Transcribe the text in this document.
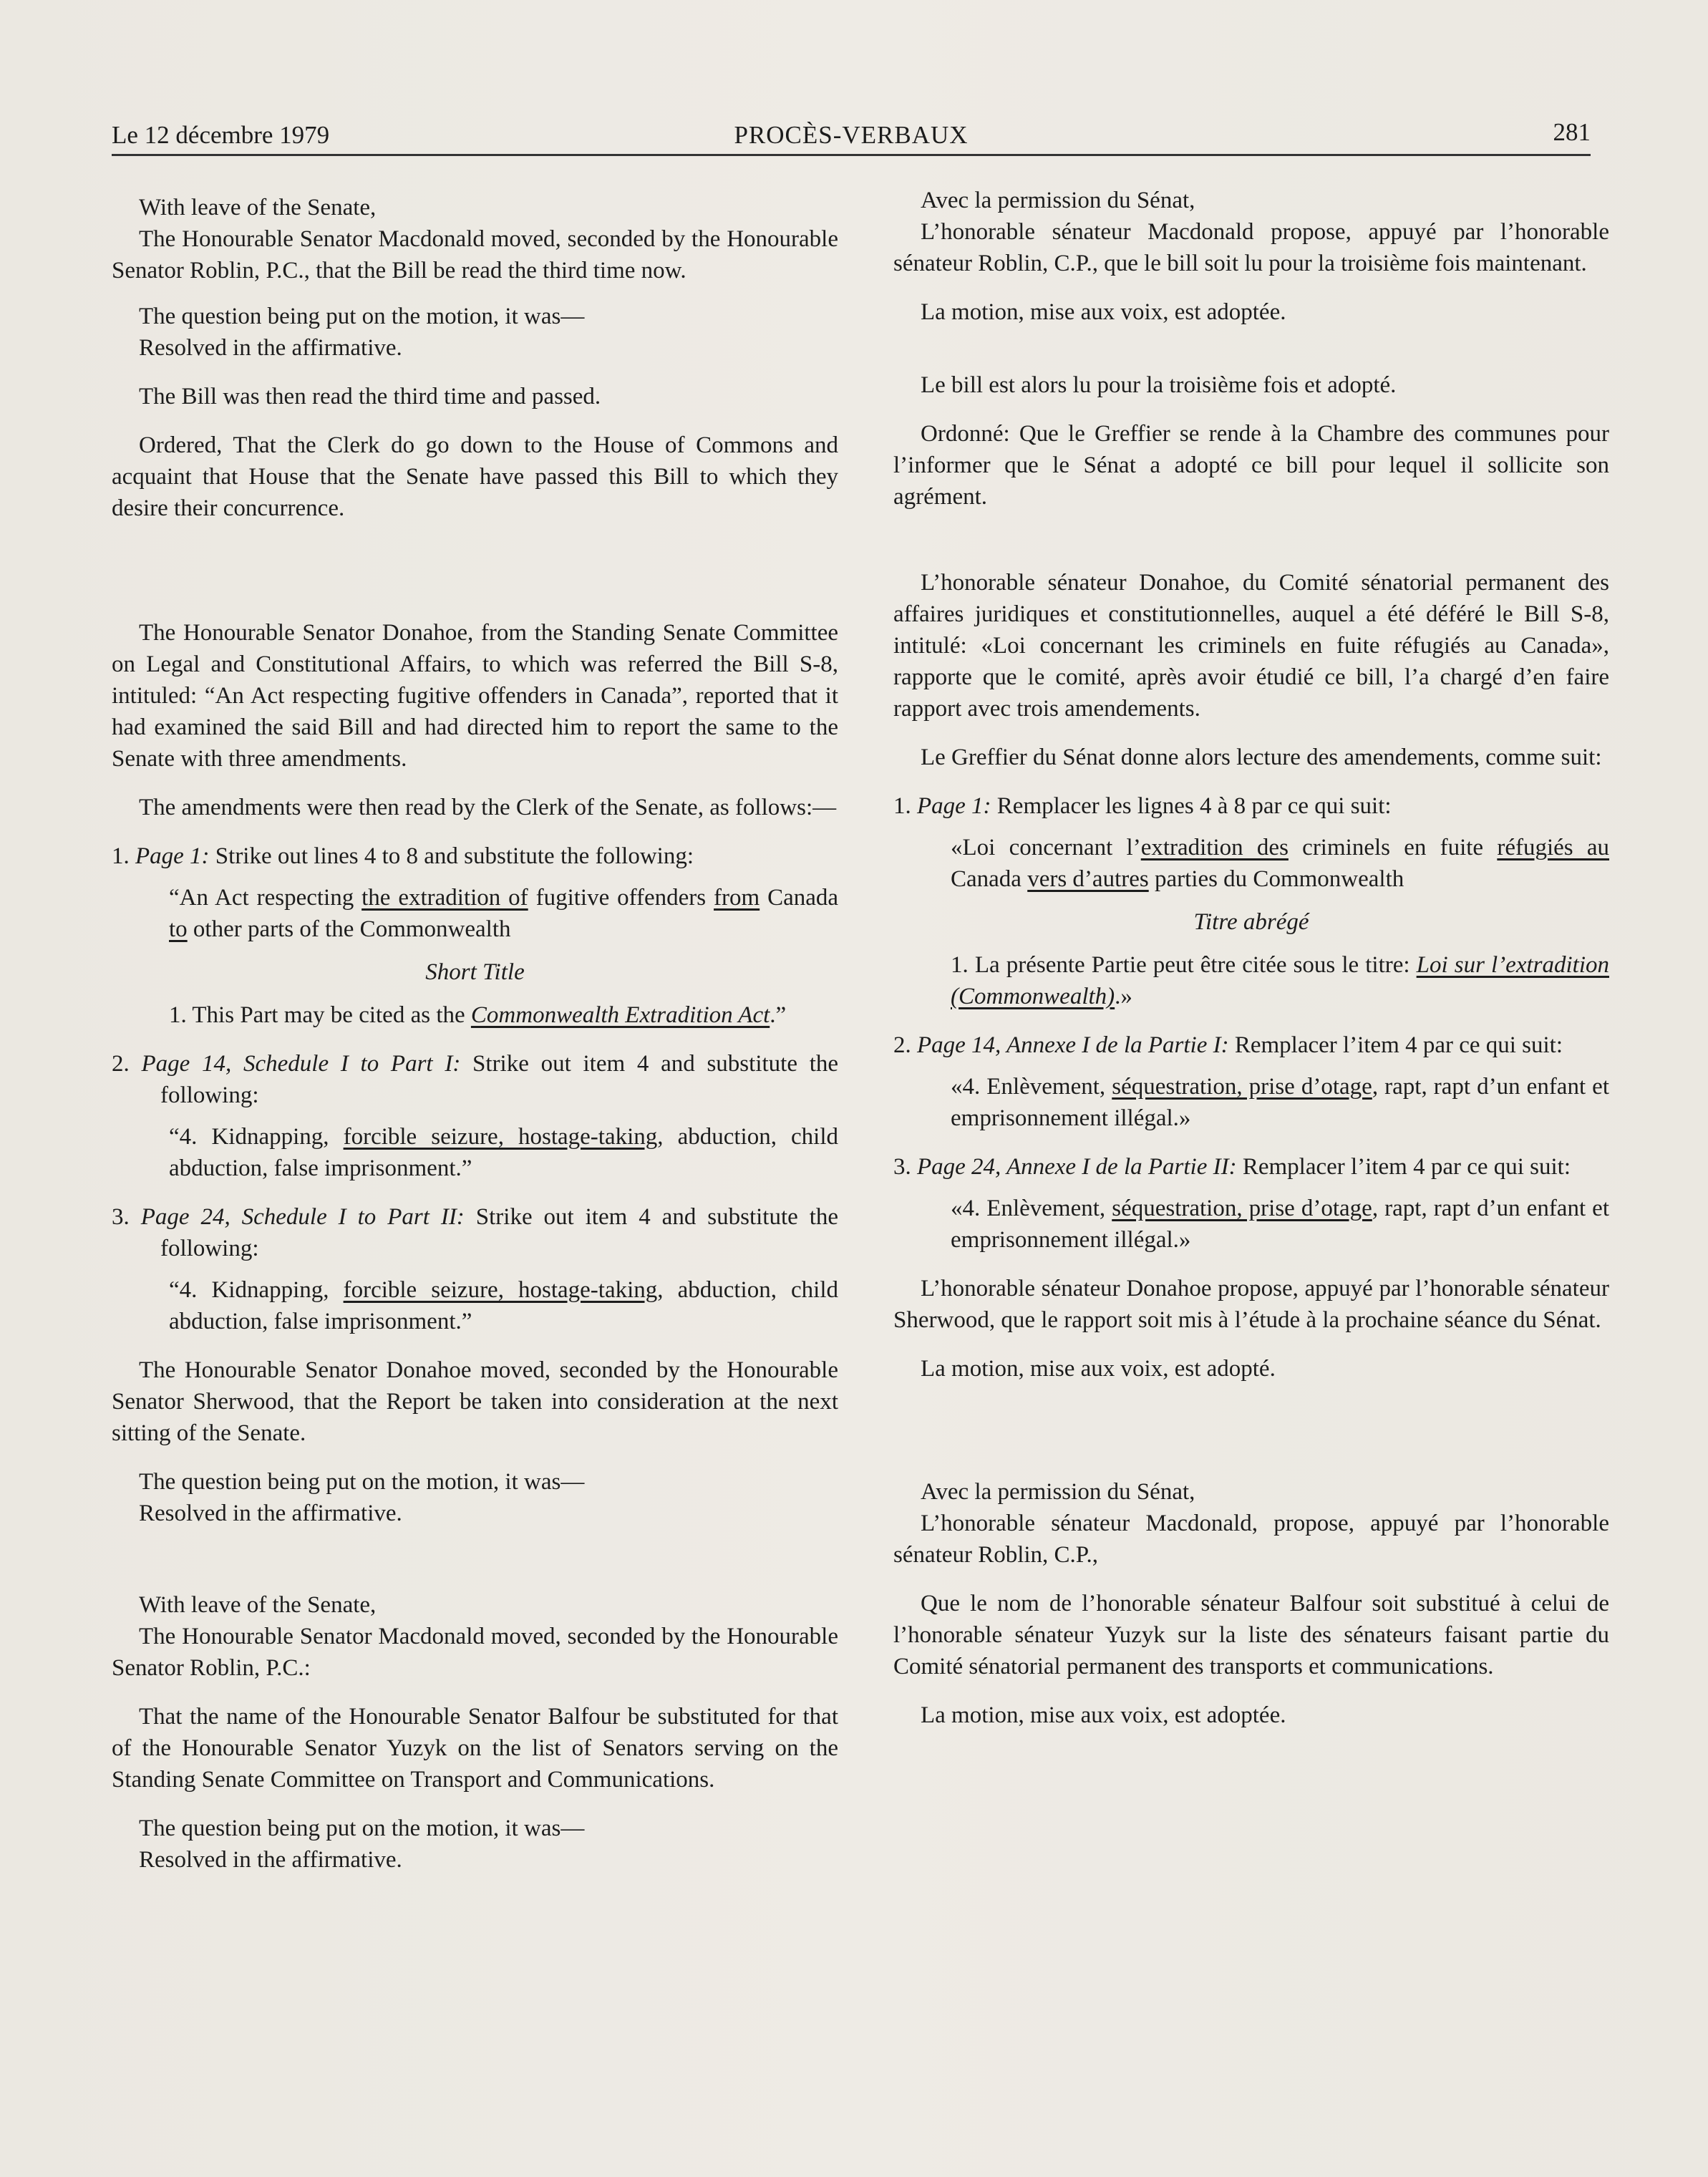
Le 12 décembre 1979	PROCÈS-VERBAUX	281

With leave of the Senate,

The Honourable Senator Macdonald moved, seconded by the Honourable Senator Roblin, P.C., that the Bill be read the third time now.

The question being put on the motion, it was—

Resolved in the affirmative.

The Bill was then read the third time and passed.

Ordered, That the Clerk do go down to the House of Commons and acquaint that House that the Senate have passed this Bill to which they desire their concurrence.

The Honourable Senator Donahoe, from the Standing Senate Committee on Legal and Constitutional Affairs, to which was referred the Bill S-8, intituled: “An Act respecting fugitive offenders in Canada”, reported that it had examined the said Bill and had directed him to report the same to the Senate with three amendments.

The amendments were then read by the Clerk of the Senate, as follows:—

1. Page 1: Strike out lines 4 to 8 and substitute the following:

“An Act respecting the extradition of fugitive offenders from Canada to other parts of the Commonwealth

Short Title

1. This Part may be cited as the Commonwealth Extradition Act.”

2. Page 14, Schedule I to Part I: Strike out item 4 and substitute the following:

“4. Kidnapping, forcible seizure, hostage-taking, abduction, child abduction, false imprisonment.”

3. Page 24, Schedule I to Part II: Strike out item 4 and substitute the following:

“4. Kidnapping, forcible seizure, hostage-taking, abduction, child abduction, false imprisonment.”

The Honourable Senator Donahoe moved, seconded by the Honourable Senator Sherwood, that the Report be taken into consideration at the next sitting of the Senate.

The question being put on the motion, it was—

Resolved in the affirmative.

With leave of the Senate,

The Honourable Senator Macdonald moved, seconded by the Honourable Senator Roblin, P.C.:

That the name of the Honourable Senator Balfour be substituted for that of the Honourable Senator Yuzyk on the list of Senators serving on the Standing Senate Committee on Transport and Communications.

The question being put on the motion, it was—

Resolved in the affirmative.

Avec la permission du Sénat,

L’honorable sénateur Macdonald propose, appuyé par l’honorable sénateur Roblin, C.P., que le bill soit lu pour la troisième fois maintenant.

La motion, mise aux voix, est adoptée.

Le bill est alors lu pour la troisième fois et adopté.

Ordonné: Que le Greffier se rende à la Chambre des communes pour l’informer que le Sénat a adopté ce bill pour lequel il sollicite son agrément.

L’honorable sénateur Donahoe, du Comité sénatorial permanent des affaires juridiques et constitutionnelles, auquel a été déféré le Bill S-8, intitulé: «Loi concernant les criminels en fuite réfugiés au Canada», rapporte que le comité, après avoir étudié ce bill, l’a chargé d’en faire rapport avec trois amendements.

Le Greffier du Sénat donne alors lecture des amendements, comme suit:

1. Page 1: Remplacer les lignes 4 à 8 par ce qui suit:

«Loi concernant l’extradition des criminels en fuite réfugiés au Canada vers d’autres parties du Commonwealth

Titre abrégé

1. La présente Partie peut être citée sous le titre: Loi sur l’extradition (Commonwealth).»

2. Page 14, Annexe I de la Partie I: Remplacer l’item 4 par ce qui suit:

«4. Enlèvement, séquestration, prise d’otage, rapt, rapt d’un enfant et emprisonnement illégal.»

3. Page 24, Annexe I de la Partie II: Remplacer l’item 4 par ce qui suit:

«4. Enlèvement, séquestration, prise d’otage, rapt, rapt d’un enfant et emprisonnement illégal.»

L’honorable sénateur Donahoe propose, appuyé par l’honorable sénateur Sherwood, que le rapport soit mis à l’étude à la prochaine séance du Sénat.

La motion, mise aux voix, est adopté.

Avec la permission du Sénat,

L’honorable sénateur Macdonald, propose, appuyé par l’honorable sénateur Roblin, C.P.,

Que le nom de l’honorable sénateur Balfour soit substitué à celui de l’honorable sénateur Yuzyk sur la liste des sénateurs faisant partie du Comité sénatorial permanent des transports et communications.

La motion, mise aux voix, est adoptée.
